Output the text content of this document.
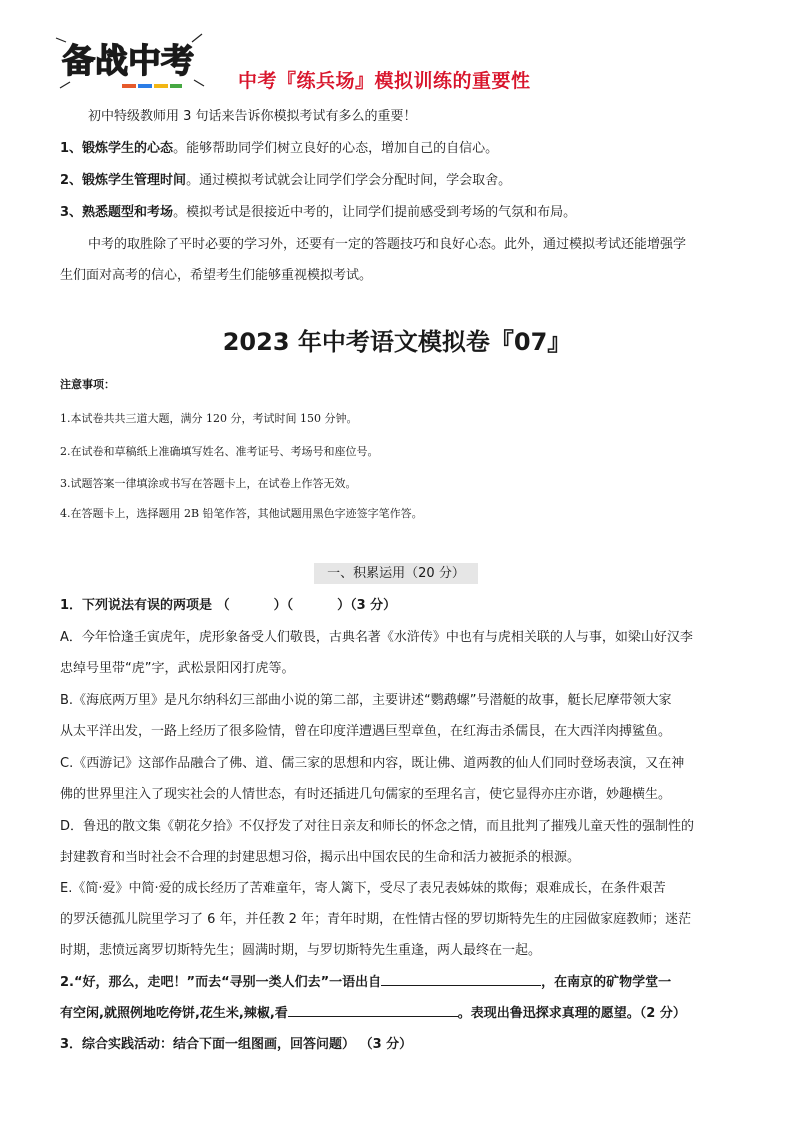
备战中考
中考『练兵场』模拟训练的重要性

初中特级教师用 3 句话来告诉你模拟考试有多么的重要！

1、锻炼学生的心态。能够帮助同学们树立良好的心态，增加自己的自信心。

2、锻炼学生管理时间。通过模拟考试就会让同学们学会分配时间，学会取舍。

3、熟悉题型和考场。模拟考试是很接近中考的，让同学们提前感受到考场的气氛和布局。

中考的取胜除了平时必要的学习外，还要有一定的答题技巧和良好心态。此外，通过模拟考试还能增强学

生们面对高考的信心，希望考生们能够重视模拟考试。

2023 年中考语文模拟卷『07』

注意事项：

1.本试卷共共三道大题，满分 120 分，考试时间 150 分钟。

2.在试卷和草稿纸上准确填写姓名、准考证号、考场号和座位号。

3.试题答案一律填涂或书写在答题卡上，在试卷上作答无效。

4.在答题卡上，选择题用 2B 铅笔作答，其他试题用黑色字迹签字笔作答。

一、积累运用（20 分）

1．下列说法有误的两项是 （	）（	）（3 分）

A．今年恰逢壬寅虎年，虎形象备受人们敬畏，古典名著《水浒传》中也有与虎相关联的人与事，如梁山好汉李

忠绰号里带“虎”字，武松景阳冈打虎等。

B.《海底两万里》是凡尔纳科幻三部曲小说的第二部，主要讲述“鹦鹉螺”号潜艇的故事，艇长尼摩带领大家

从太平洋出发，一路上经历了很多险情，曾在印度洋遭遇巨型章鱼，在红海击杀儒艮，在大西洋肉搏鲨鱼。

C.《西游记》这部作品融合了佛、道、儒三家的思想和内容，既让佛、道两教的仙人们同时登场表演，又在神

佛的世界里注入了现实社会的人情世态，有时还插进几句儒家的至理名言，使它显得亦庄亦谐，妙趣横生。

D．鲁迅的散文集《朝花夕拾》不仅抒发了对往日亲友和师长的怀念之情，而且批判了摧残儿童天性的强制性的

封建教育和当时社会不合理的封建思想习俗，揭示出中国农民的生命和活力被扼杀的根源。

E.《简·爱》中简·爱的成长经历了苦难童年，寄人篱下，受尽了表兄表姊妹的欺侮；艰难成长，在条件艰苦

的罗沃德孤儿院里学习了 6 年，并任教 2 年；青年时期，在性情古怪的罗切斯特先生的庄园做家庭教师；迷茫

时期，悲愤远离罗切斯特先生；圆满时期，与罗切斯特先生重逢，两人最终在一起。

2.“好，那么，走吧！”而去“寻别一类人们去”一语出自	，在南京的矿物学堂一

有空闲,就照例地吃侉饼,花生米,辣椒,看	。表现出鲁迅探求真理的愿望。（2 分）

3．综合实践活动：结合下面一组图画，回答问题） （3 分）
